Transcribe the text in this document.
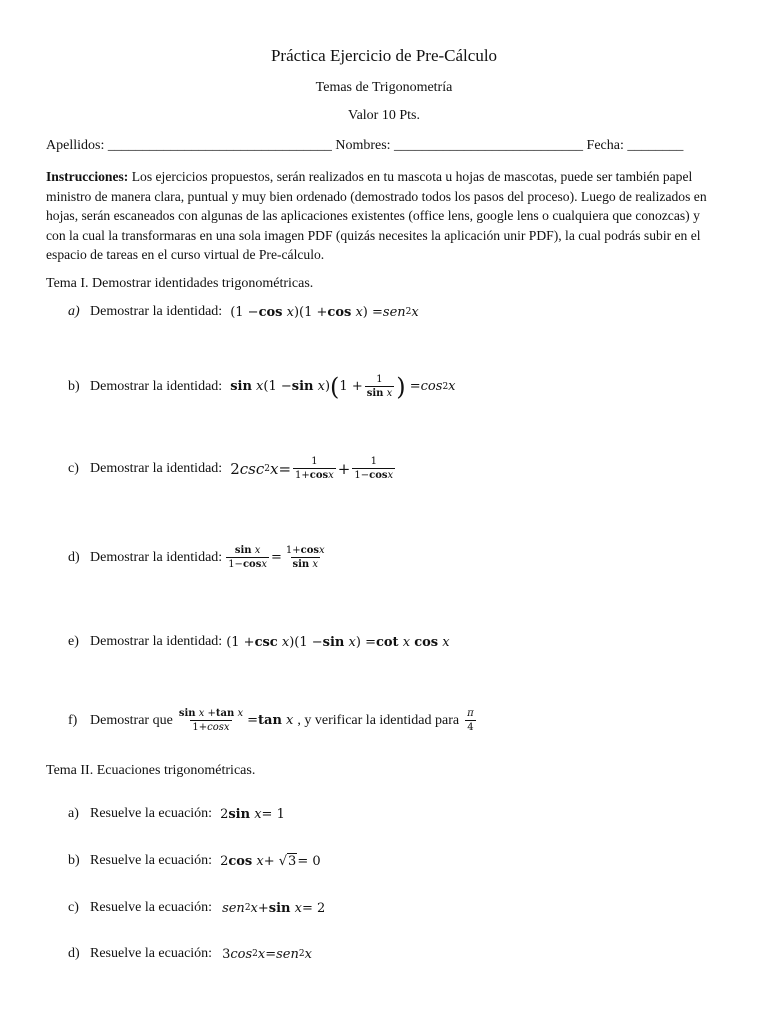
Práctica Ejercicio de Pre-Cálculo
Temas de Trigonometría
Valor 10 Pts.
Apellidos: ________________________________ Nombres: ___________________________ Fecha: ________
Instrucciones: Los ejercicios propuestos, serán realizados en tu mascota u hojas de mascotas, puede ser también papel ministro de manera clara, puntual y muy bien ordenado (demostrado todos los pasos del proceso). Luego de realizados en hojas, serán escaneados con algunas de las aplicaciones existentes (office lens, google lens o cualquiera que conozcas) y con la cual la transformaras en una sola imagen PDF (quizás necesites la aplicación unir PDF), la cual podrás subir en el espacio de tareas en el curso virtual de Pre-cálculo.
Tema I. Demostrar identidades trigonométricas.
a) Demostrar la identidad: (1 − cos
x )(1 + cos
x ) = sen 2 x
b) Demostrar la identidad: sin
x (1 − sin
x ) ( $1 + \frac{1}{\text{sin x}}$ ) = cos 2 x
c) Demostrar la identidad: 2 csc 2 $x = \frac{1}{1+\cos x} + \frac{1}{1-\cos x}$
d) Demostrar la identidad: $\frac{\text{sin x}}{1-\cos x} = \frac{1+\cos x}{\text{sin x}}$
e) Demostrar la identidad: (1 + csc
x )(1 − sin
x ) = cot
x
cos
x
f) Demostrar que $\frac{\text{sin x +tan x}}{1+\cos x} = \tan$
x , y verificar la identidad para $\frac{\pi}{4}$
Tema II. Ecuaciones trigonométricas.
a) Resuelve la ecuación: 2 sin
x = 1
b) Resuelve la ecuación: 2 cos
x + √ 3 = 0
c) Resuelve la ecuación: sen 2 x + sin
x = 2
d) Resuelve la ecuación: 3 cos 2 x = sen 2 x
